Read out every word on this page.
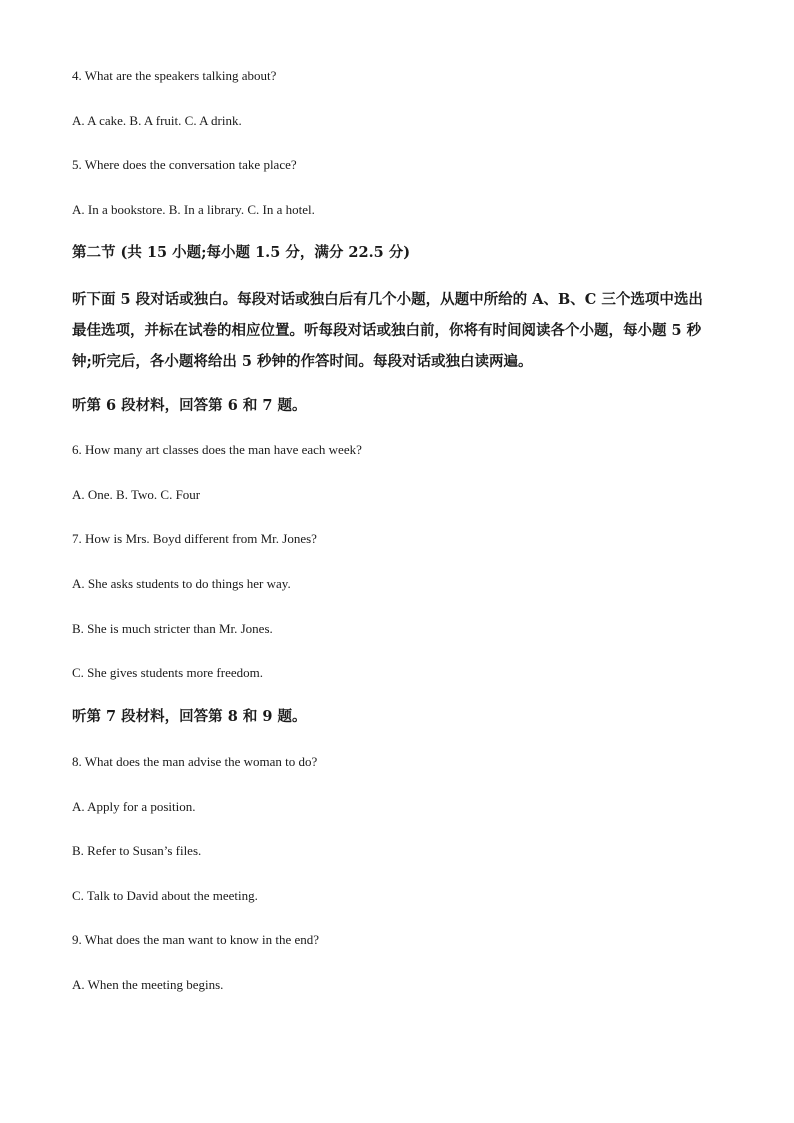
4. What are the speakers talking about?
A. A cake. B. A fruit. C. A drink.
5. Where does the conversation take place?
A. In a bookstore. B. In a library. C. In a hotel.
第二节 (共 15 小题;每小题 1.5 分，满分 22.5 分)
听下面 5 段对话或独白。每段对话或独白后有几个小题，从题中所给的 A、B、C 三个选项中选出最佳选项，并标在试卷的相应位置。听每段对话或独白前，你将有时间阅读各个小题，每小题 5 秒钟;听完后，各小题将给出 5 秒钟的作答时间。每段对话或独白读两遍。
听第 6 段材料，回答第 6 和 7 题。
6. How many art classes does the man have each week?
A. One. B. Two. C. Four
7. How is Mrs. Boyd different from Mr. Jones?
A. She asks students to do things her way.
B. She is much stricter than Mr. Jones.
C. She gives students more freedom.
听第 7 段材料，回答第 8 和 9 题。
8. What does the man advise the woman to do?
A. Apply for a position.
B. Refer to Susan’s files.
C. Talk to David about the meeting.
9. What does the man want to know in the end?
A. When the meeting begins.
